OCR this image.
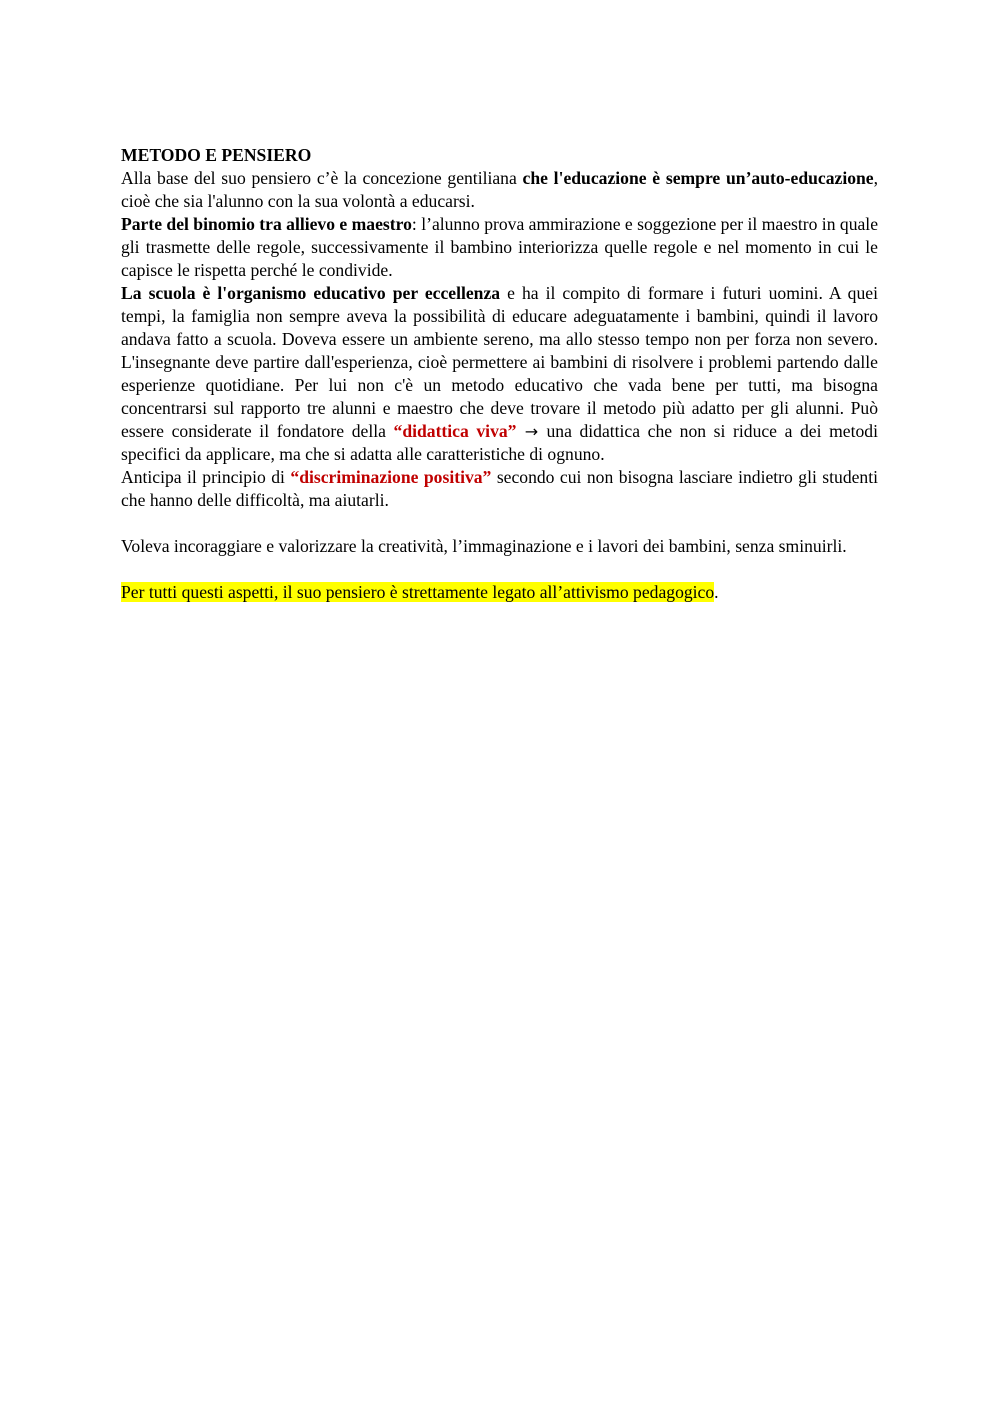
METODO E PENSIERO

Alla base del suo pensiero c’è la concezione gentiliana che l'educazione è sempre un’auto-educazione, cioè che sia l'alunno con la sua volontà a educarsi.

Parte del binomio tra allievo e maestro: l’alunno prova ammirazione e soggezione per il maestro in quale gli trasmette delle regole, successivamente il bambino interiorizza quelle regole e nel momento in cui le capisce le rispetta perché le condivide.

La scuola è l'organismo educativo per eccellenza e ha il compito di formare i futuri uomini. A quei tempi, la famiglia non sempre aveva la possibilità di educare adeguatamente i bambini, quindi il lavoro andava fatto a scuola. Doveva essere un ambiente sereno, ma allo stesso tempo non per forza non severo. L'insegnante deve partire dall'esperienza, cioè permettere ai bambini di risolvere i problemi partendo dalle esperienze quotidiane. Per lui non c'è un metodo educativo che vada bene per tutti, ma bisogna concentrarsi sul rapporto tre alunni e maestro che deve trovare il metodo più adatto per gli alunni. Può essere considerate il fondatore della “didattica viva” → una didattica che non si riduce a dei metodi specifici da applicare, ma che si adatta alle caratteristiche di ognuno.

Anticipa il principio di “discriminazione positiva” secondo cui non bisogna lasciare indietro gli studenti che hanno delle difficoltà, ma aiutarli.

Voleva incoraggiare e valorizzare la creatività, l’immaginazione e i lavori dei bambini, senza sminuirli.

Per tutti questi aspetti, il suo pensiero è strettamente legato all’attivismo pedagogico.
